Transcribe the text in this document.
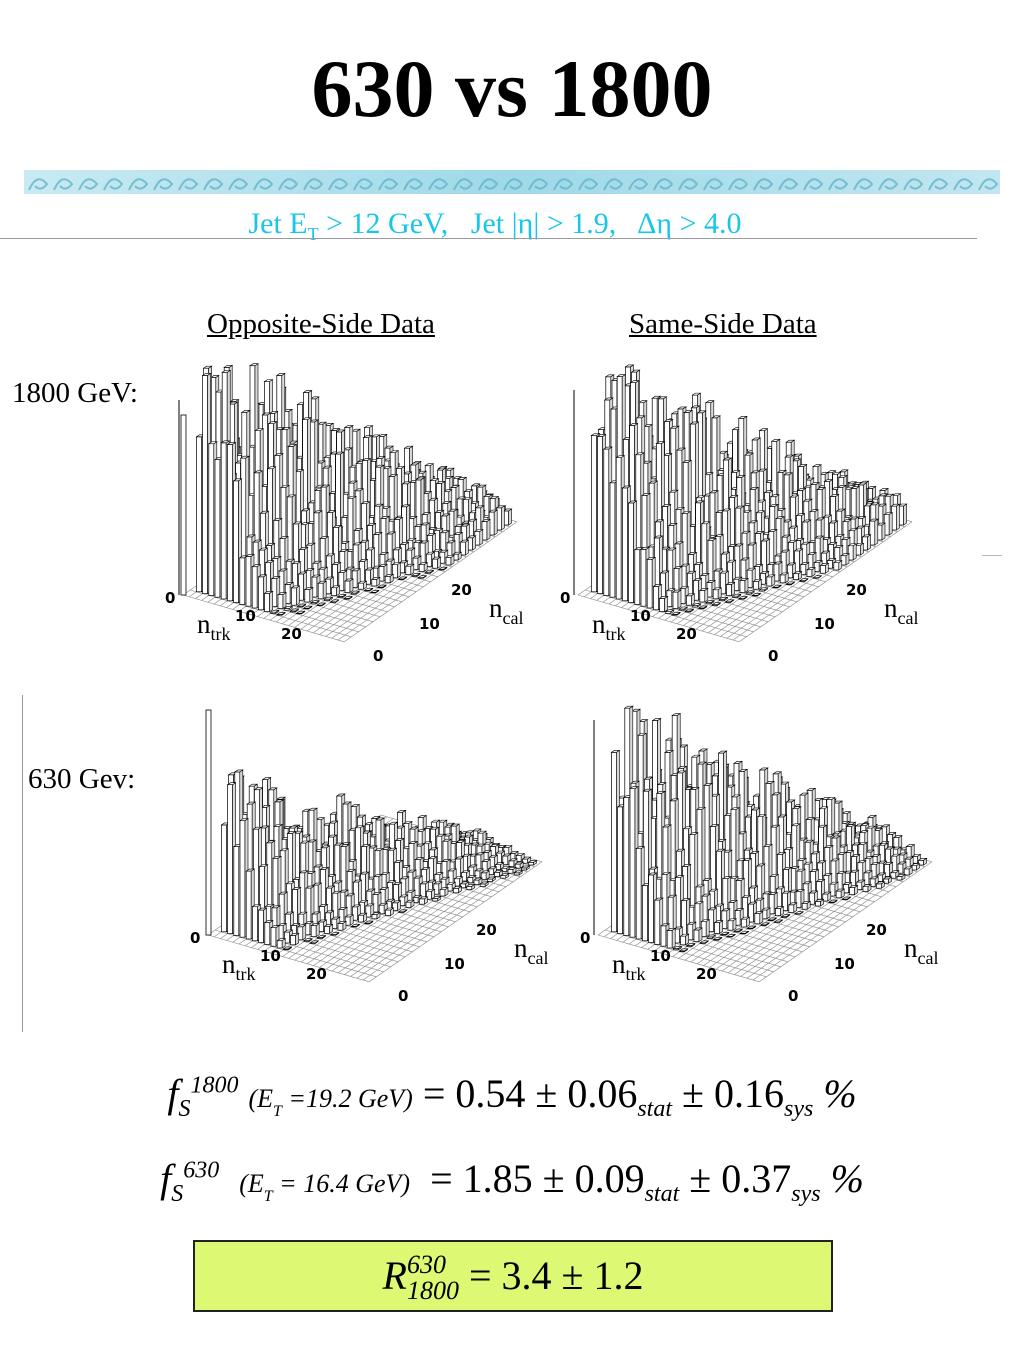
630 vs 1800
Jet $E_T > 12$ GeV, Jet |η| > 1.9, Δη > 4.0
Opposite-Side Data	Same-Side Data
1800 GeV:
630 Gev:
0
10
20
0
10
20
$n_{trk}$
$n_{cal}$
0
10
20
0
10
20
$n_{trk}$
$n_{cal}$
0
10
20
0
10
20
$n_{trk}$
$n_{cal}$
0
10
20
0
10
20
$n_{trk}$
$n_{cal}$
$f_S^{1800}$ ($E_T =19.2$ $GeV) = 0.54 \pm 0.06_{stat} \pm 0.16_{sys}$ %
$f_S^{630}$ ($E_T = 16.4$ $GeV) = 1.85 \pm 0.09_{stat} \pm 0.37_{sys}$ %
R 630
1800 = 3.4 ± 1.2
